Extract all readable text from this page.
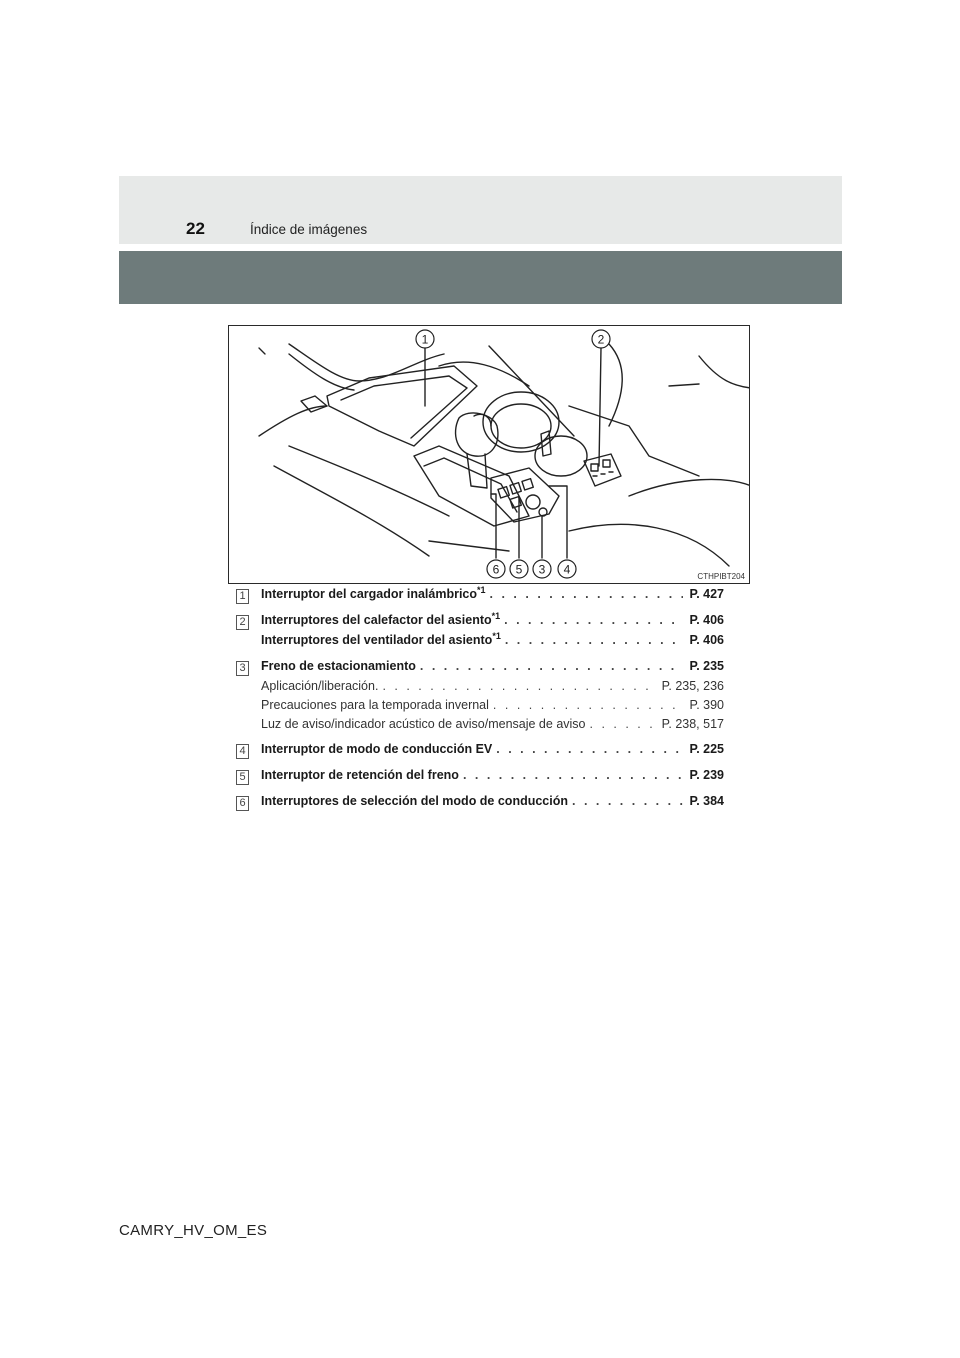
22	Índice de imágenes
1	2
6 5 3 4	CTHPIBT204
1 Interruptor del cargador inalámbrico$^{*1}$ . . .	P. 427
2 Interruptores del calefactor del asiento$^{*1}$ . . .	P. 406
Interruptores del ventilador del asiento$^{*1}$ . . .	P. 406
3 Freno de estacionamiento . . .	P. 235
Aplicación/liberación. . . .	P. 235, 236
Precauciones para la temporada invernal . . .	P. 390
Luz de aviso/indicador acústico de aviso/mensaje de aviso . . .	P. 238, 517
4 Interruptor de modo de conducción EV . . .	P. 225
5 Interruptor de retención del freno . . .	P. 239
6 Interruptores de selección del modo de conducción . . .	P. 384
CAMRY_HV_OM_ES
